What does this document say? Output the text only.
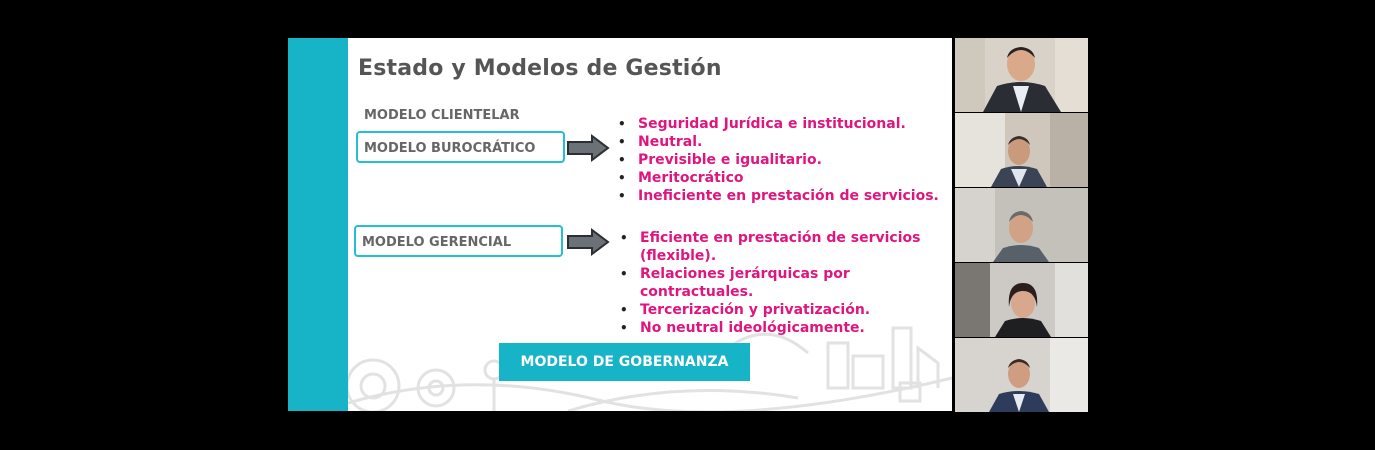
Estado y Modelos de Gestión
MODELO CLIENTELAR
MODELO BUROCRÁTICO
• Seguridad Jurídica e institucional.
• Neutral.
• Previsible e igualitario.
• Meritocrático
• Ineficiente en prestación de servicios.
MODELO GERENCIAL
•	Eficiente en prestación de servicios (flexible).
• Relaciones jerárquicas por contractuales.
• Tercerización y privatización.
• No neutral ideológicamente.
MODELO DE GOBERNANZA
